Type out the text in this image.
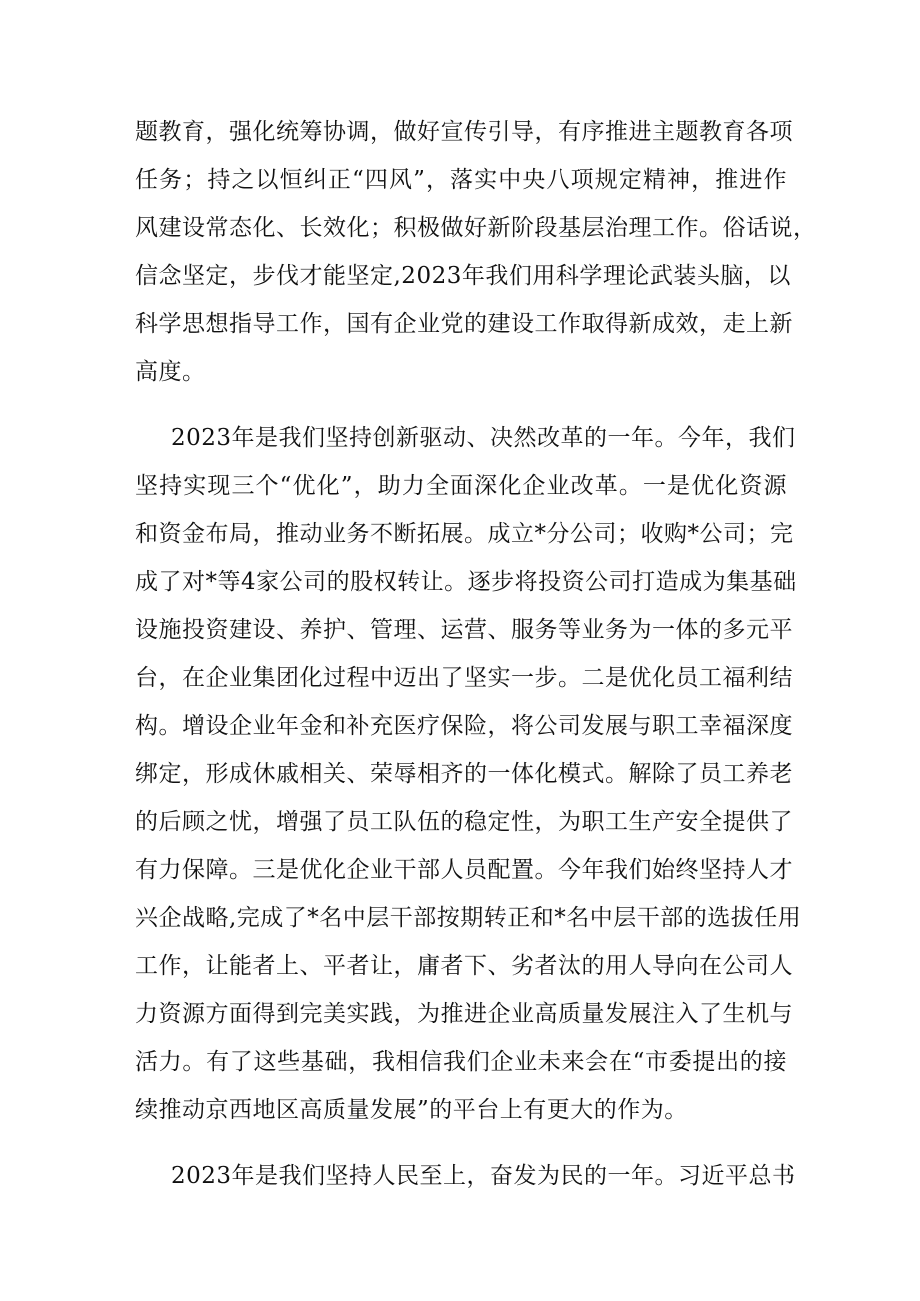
题教育，强化统筹协调，做好宣传引导，有序推进主题教育各项
任务；持之以恒纠正“四风”，落实中央八项规定精神，推进作
风建设常态化、长效化；积极做好新阶段基层治理工作。俗话说，
信念坚定，步伐才能坚定,2023年我们用科学理论武装头脑，以
科学思想指导工作，国有企业党的建设工作取得新成效，走上新
高度。
2023年是我们坚持创新驱动、决然改革的一年。今年，我们
坚持实现三个“优化”，助力全面深化企业改革。一是优化资源
和资金布局，推动业务不断拓展。成立*分公司；收购*公司；完
成了对*等4家公司的股权转让。逐步将投资公司打造成为集基础
设施投资建设、养护、管理、运营、服务等业务为一体的多元平
台，在企业集团化过程中迈出了坚实一步。二是优化员工福利结
构。增设企业年金和补充医疗保险，将公司发展与职工幸福深度
绑定，形成休戚相关、荣辱相齐的一体化模式。解除了员工养老
的后顾之忧，增强了员工队伍的稳定性，为职工生产安全提供了
有力保障。三是优化企业干部人员配置。今年我们始终坚持人才
兴企战略,完成了*名中层干部按期转正和*名中层干部的选拔任用
工作，让能者上、平者让，庸者下、劣者汰的用人导向在公司人
力资源方面得到完美实践，为推进企业高质量发展注入了生机与
活力。有了这些基础，我相信我们企业未来会在“市委提出的接
续推动京西地区高质量发展”的平台上有更大的作为。
2023年是我们坚持人民至上，奋发为民的一年。习近平总书
